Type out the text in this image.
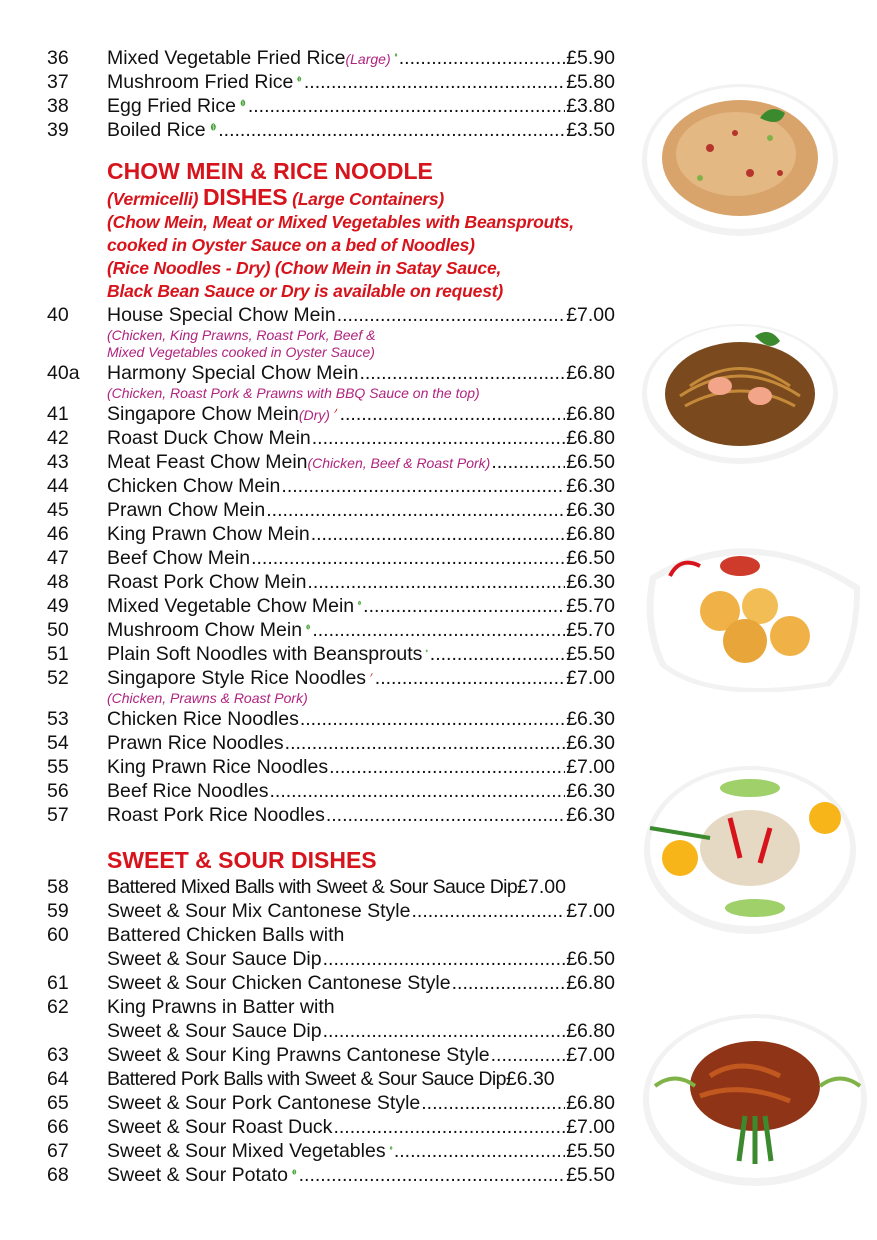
36	Mixed Vegetable Fried Rice (Large) .....	£5.90
37	Mushroom Fried Rice .....	£5.80
38	Egg Fried Rice .....	£3.80
39	Boiled Rice .....	£3.50
CHOW MEIN & RICE NOODLE
(Vermicelli) DISHES (Large Containers)
(Chow Mein, Meat or Mixed Vegetables with Beansprouts,
cooked in Oyster Sauce on a bed of Noodles)
(Rice Noodles - Dry) (Chow Mein in Satay Sauce,
Black Bean Sauce or Dry is available on request)
40	House Special Chow Mein .....	£7.00
(Chicken, King Prawns, Roast Pork, Beef &
Mixed Vegetables cooked in Oyster Sauce)
40a	Harmony Special Chow Mein .....	£6.80
(Chicken, Roast Pork & Prawns with BBQ Sauce on the top)
41	Singapore Chow Mein (Dry) .....	£6.80
42	Roast Duck Chow Mein .....	£6.80
43	Meat Feast Chow Mein (Chicken, Beef & Roast Pork) .....	£6.50
44	Chicken Chow Mein .....	£6.30
45	Prawn Chow Mein .....	£6.30
46	King Prawn Chow Mein .....	£6.80
47	Beef Chow Mein .....	£6.50
48	Roast Pork Chow Mein .....	£6.30
49	Mixed Vegetable Chow Mein .....	£5.70
50	Mushroom Chow Mein .....	£5.70
51	Plain Soft Noodles with Beansprouts .....	£5.50
52	Singapore Style Rice Noodles .....	£7.00
(Chicken, Prawns & Roast Pork)
53	Chicken Rice Noodles .....	£6.30
54	Prawn Rice Noodles .....	£6.30
55	King Prawn Rice Noodles .....	£7.00
56	Beef Rice Noodles .....	£6.30
57	Roast Pork Rice Noodles .....	£6.30
SWEET & SOUR DISHES
58	Battered Mixed Balls with Sweet & Sour Sauce Dip £7.00
59	Sweet & Sour Mix Cantonese Style .....	£7.00
60	Battered Chicken Balls with
Sweet & Sour Sauce Dip .....	£6.50
61	Sweet & Sour Chicken Cantonese Style .....	£6.80
62	King Prawns in Batter with
Sweet & Sour Sauce Dip .....	£6.80
63	Sweet & Sour King Prawns Cantonese Style .....	£7.00
64	Battered Pork Balls with Sweet & Sour Sauce Dip £6.30
65	Sweet & Sour Pork Cantonese Style .....	£6.80
66	Sweet & Sour Roast Duck .....	£7.00
67	Sweet & Sour Mixed Vegetables .....	£5.50
68	Sweet & Sour Potato .....	£5.50
